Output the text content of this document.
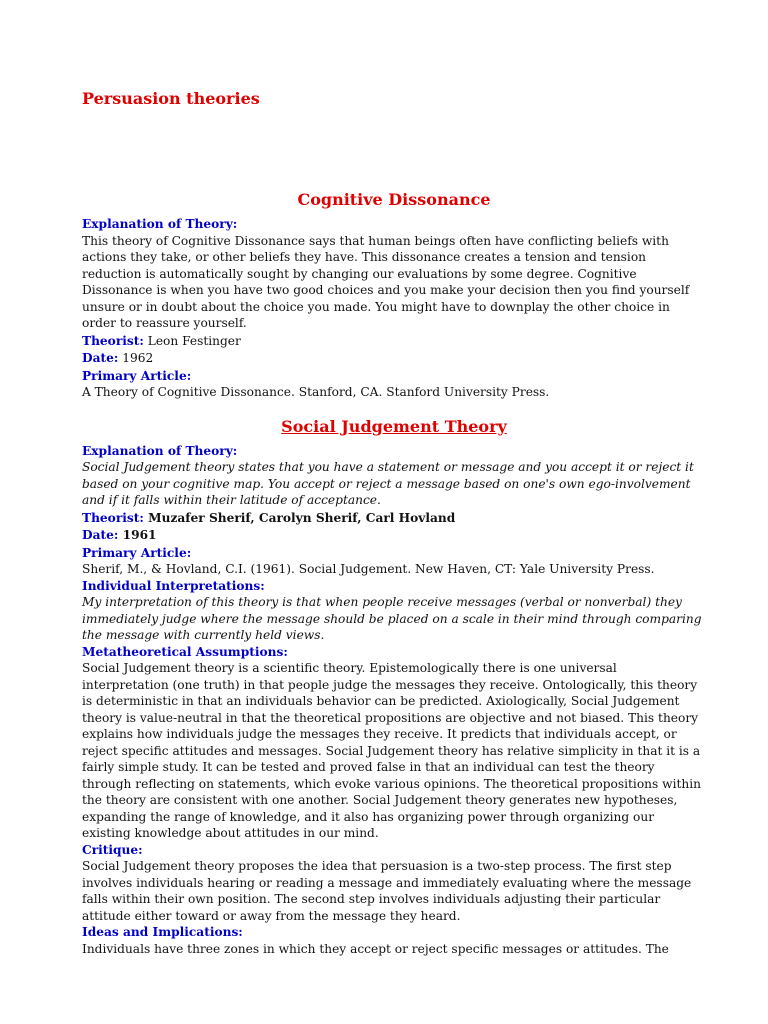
Persuasion theories
Cognitive Dissonance
Explanation of Theory:

This theory of Cognitive Dissonance says that human beings often have conflicting beliefs with actions they take, or other beliefs they have. This dissonance creates a tension and tension reduction is automatically sought by changing our evaluations by some degree. Cognitive Dissonance is when you have two good choices and you make your decision then you find yourself unsure or in doubt about the choice you made. You might have to downplay the other choice in order to reassure yourself.

Theorist: Leon Festinger
Date: 1962
Primary Article:

A Theory of Cognitive Dissonance. Stanford, CA. Stanford University Press.

Social Judgement Theory
Explanation of Theory:

Social Judgement theory states that you have a statement or message and you accept it or reject it based on your cognitive map. You accept or reject a message based on one's own ego-involvement and if it falls within their latitude of acceptance.

Theorist: Muzafer Sherif, Carolyn Sherif, Carl Hovland
Date: 1961
Primary Article:

Sherif, M., & Hovland, C.I. (1961). Social Judgement. New Haven, CT: Yale University Press.

Individual Interpretations:

My interpretation of this theory is that when people receive messages (verbal or nonverbal) they immediately judge where the message should be placed on a scale in their mind through comparing the message with currently held views.

Metatheoretical Assumptions:

Social Judgement theory is a scientific theory. Epistemologically there is one universal interpretation (one truth) in that people judge the messages they receive. Ontologically, this theory is deterministic in that an individuals behavior can be predicted. Axiologically, Social Judgement theory is value-neutral in that the theoretical propositions are objective and not biased. This theory explains how individuals judge the messages they receive. It predicts that individuals accept, or reject specific attitudes and messages. Social Judgement theory has relative simplicity in that it is a fairly simple study. It can be tested and proved false in that an individual can test the theory through reflecting on statements, which evoke various opinions. The theoretical propositions within the theory are consistent with one another. Social Judgement theory generates new hypotheses, expanding the range of knowledge, and it also has organizing power through organizing our existing knowledge about attitudes in our mind.

Critique:

Social Judgement theory proposes the idea that persuasion is a two-step process. The first step involves individuals hearing or reading a message and immediately evaluating where the message falls within their own position. The second step involves individuals adjusting their particular attitude either toward or away from the message they heard.

Ideas and Implications:

Individuals have three zones in which they accept or reject specific messages or attitudes. The
